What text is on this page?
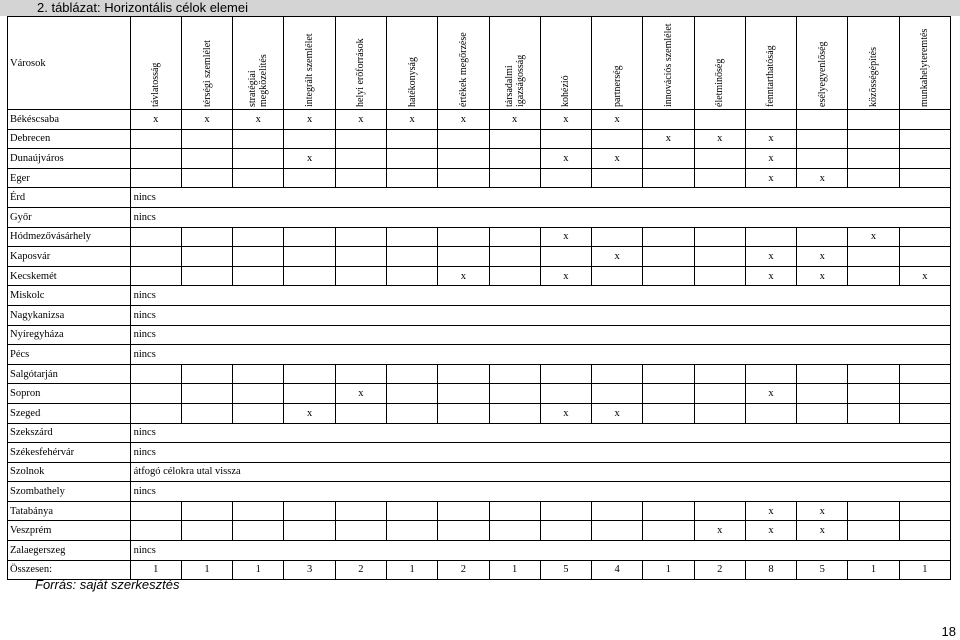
2. táblázat: Horizontális célok elemei
Városok	távlatosság	térségi szemlélet	stratégiai megközelítés	integrált szemlélet	helyi erőforrások	hatékonyság	értékek megőrzése	társadalmi igazságosság	kohézió	partnerség	innovációs szemlélet	életminőség	fenntarthatóság	esélyegyenlőség	közösségépítés	munkahelyteremtés

Békéscsaba	x	x	x	x	x	x	x	x	x	x						
Debrecen											x	x	x			
Dunaújváros				x					x	x			x			
Eger													x	x		
Érd	nincs															
Győr	nincs															
Hódmezővásárhely									x						x	
Kaposvár										x			x	x		
Kecskemét							x		x				x	x		x
Miskolc	nincs															
Nagykanizsa	nincs															
Nyíregyháza	nincs															
Pécs	nincs															
Salgótarján																
Sopron					x								x			
Szeged				x					x	x						
Szekszárd	nincs															
Székesfehérvár	nincs															
Szolnok	átfogó célokra utal vissza															
Szombathely	nincs															
Tatabánya													x	x		
Veszprém												x	x	x		
Zalaegerszeg	nincs															
Összesen:	1	1	1	3	2	1	2	1	5	4	1	2	8	5	1	1
Forrás: saját szerkesztés
18
